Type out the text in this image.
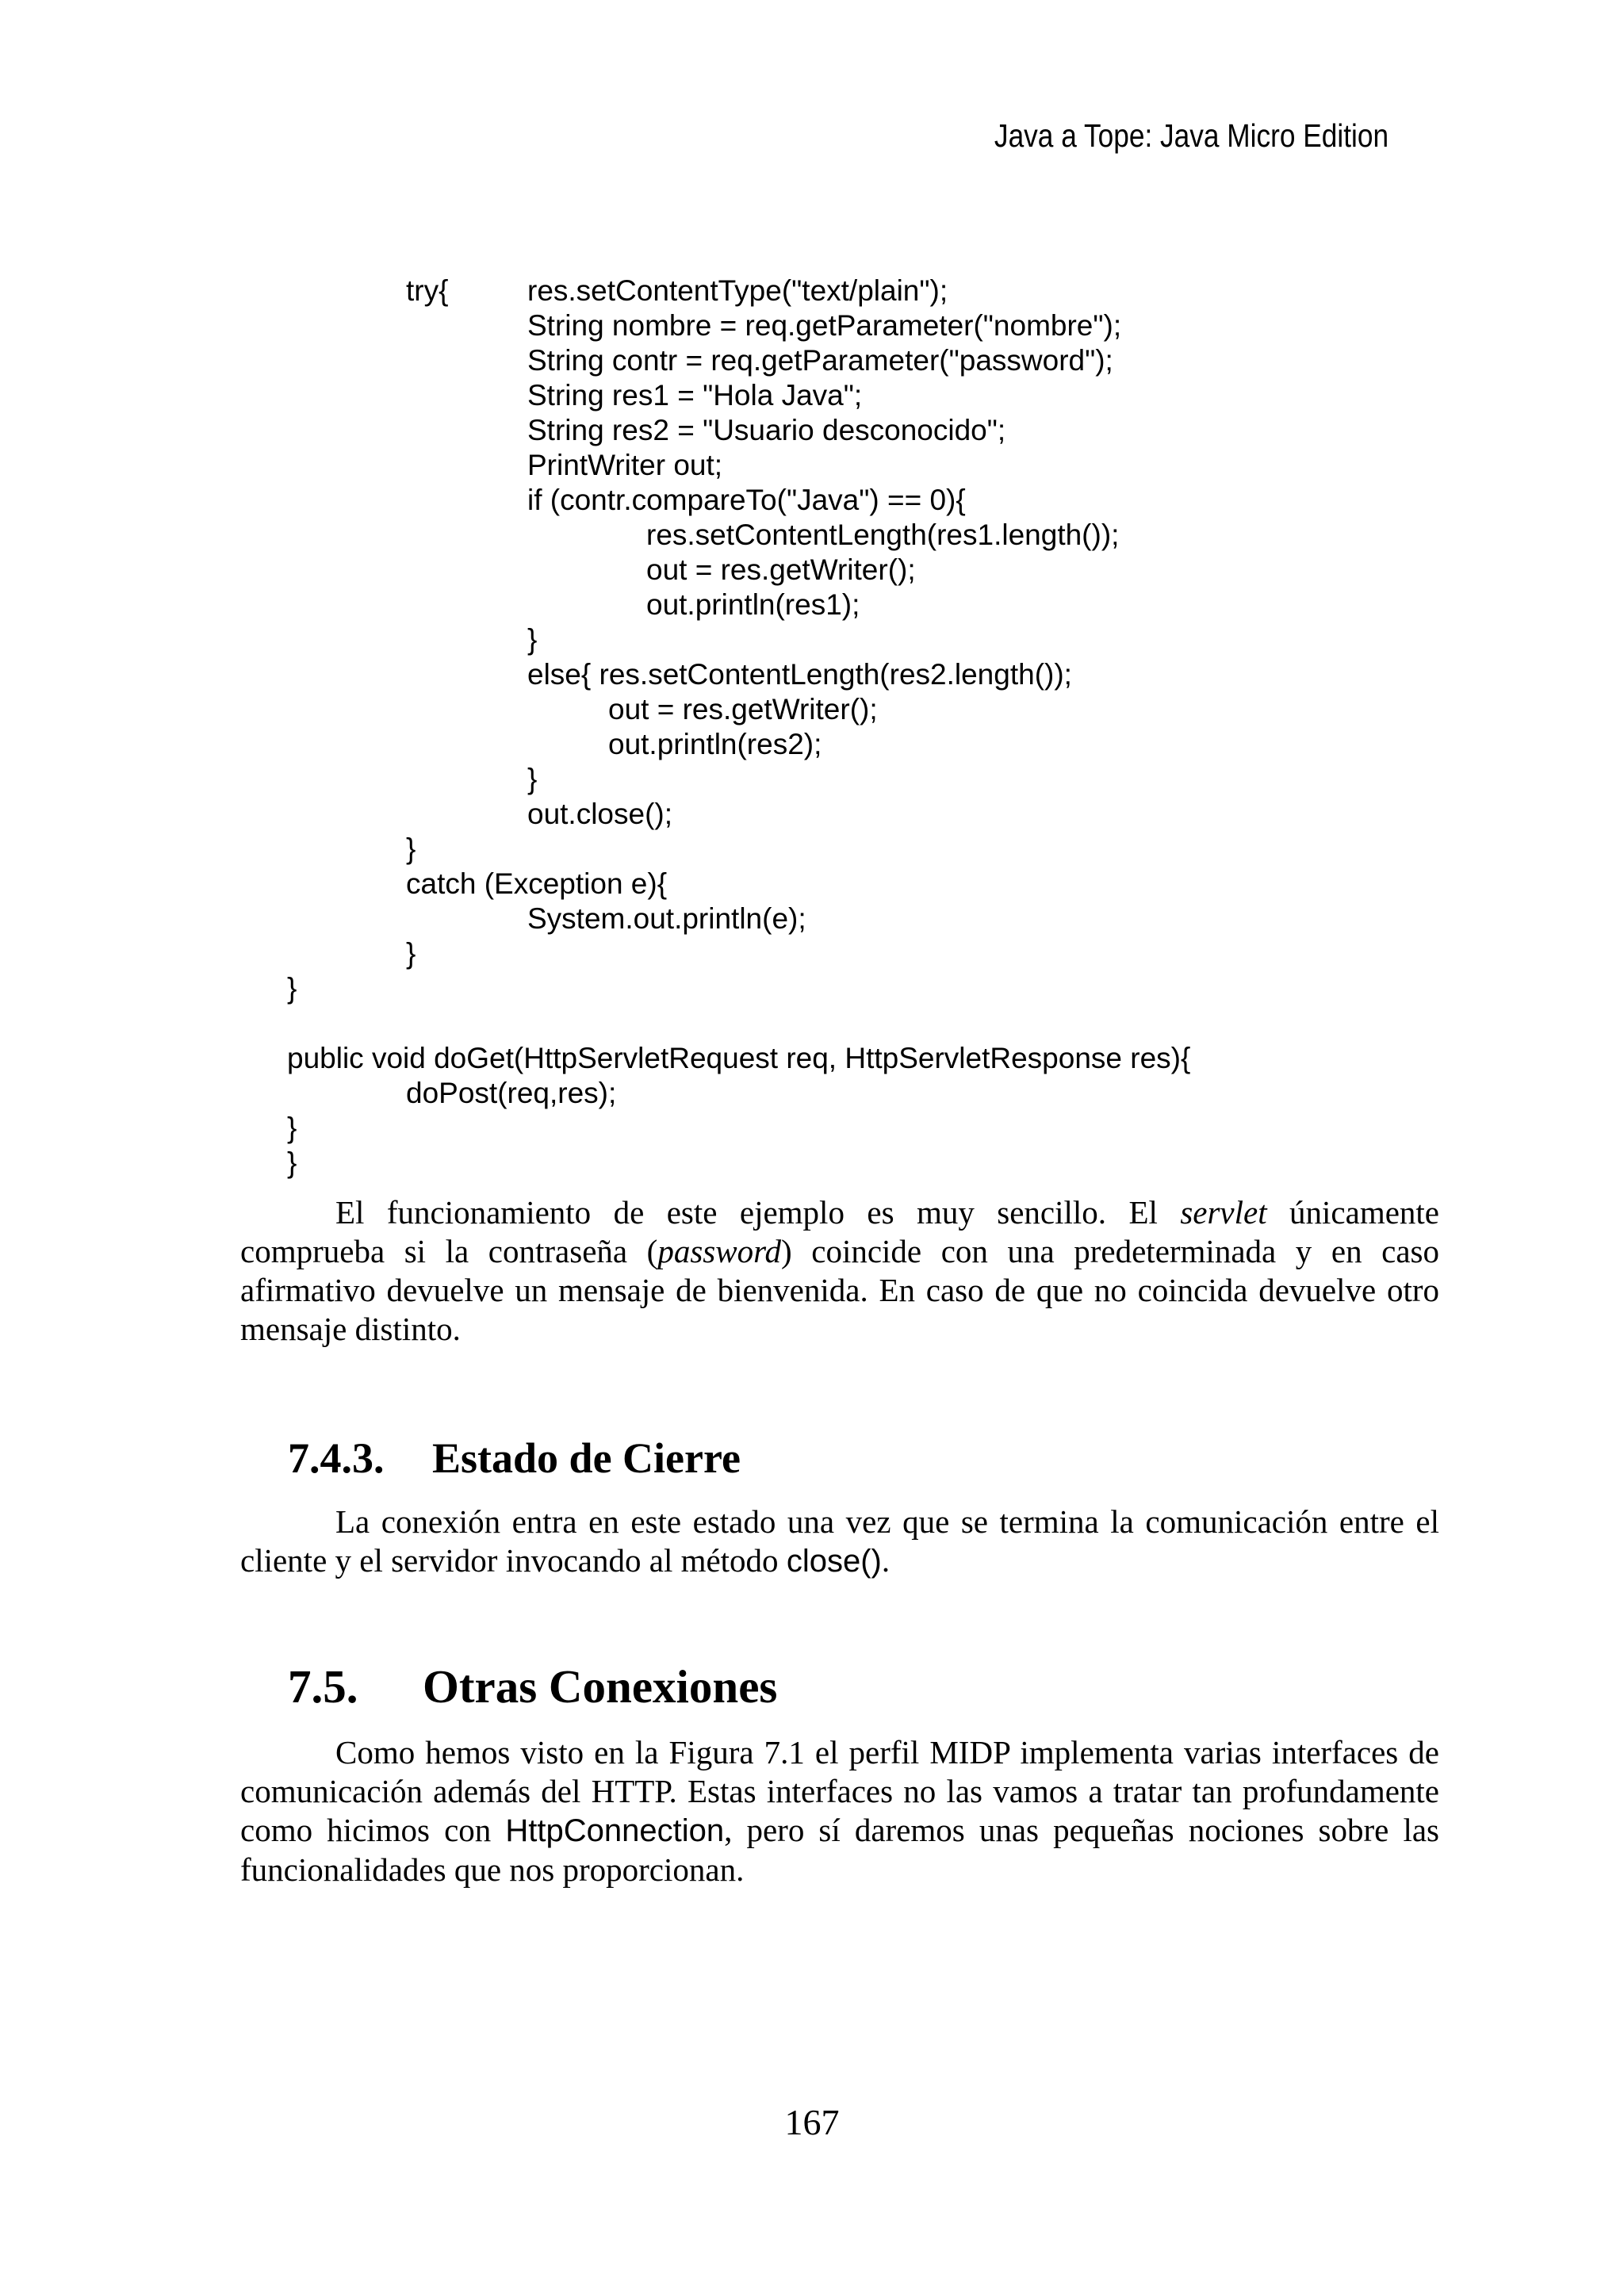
Java a Tope: Java Micro Edition
try{	res.setContentType("text/plain");
String nombre = req.getParameter("nombre");
String contr = req.getParameter("password");
String res1 = "Hola Java";
String res2 = "Usuario desconocido";
PrintWriter out;
if (contr.compareTo("Java") == 0){
res.setContentLength(res1.length());
out = res.getWriter();
out.println(res1);
}
else{ res.setContentLength(res2.length());
out = res.getWriter();
out.println(res2);
}
out.close();
}
catch (Exception e){
System.out.println(e);
}
}
public void doGet(HttpServletRequest req, HttpServletResponse res){
doPost(req,res);
}
}

El funcionamiento de este ejemplo es muy sencillo. El servlet únicamente comprueba si la contraseña (password) coincide con una predeterminada y en caso afirmativo devuelve un mensaje de bienvenida. En caso de que no coincida devuelve otro mensaje distinto.

7.4.3. Estado de Cierre

La conexión entra en este estado una vez que se termina la comunicación entre el cliente y el servidor invocando al método close().

7.5. Otras Conexiones

Como hemos visto en la Figura 7.1 el perfil MIDP implementa varias interfaces de comunicación además del HTTP. Estas interfaces no las vamos a tratar tan profundamente como hicimos con HttpConnection, pero sí daremos unas pequeñas nociones sobre las funcionalidades que nos proporcionan.

167
